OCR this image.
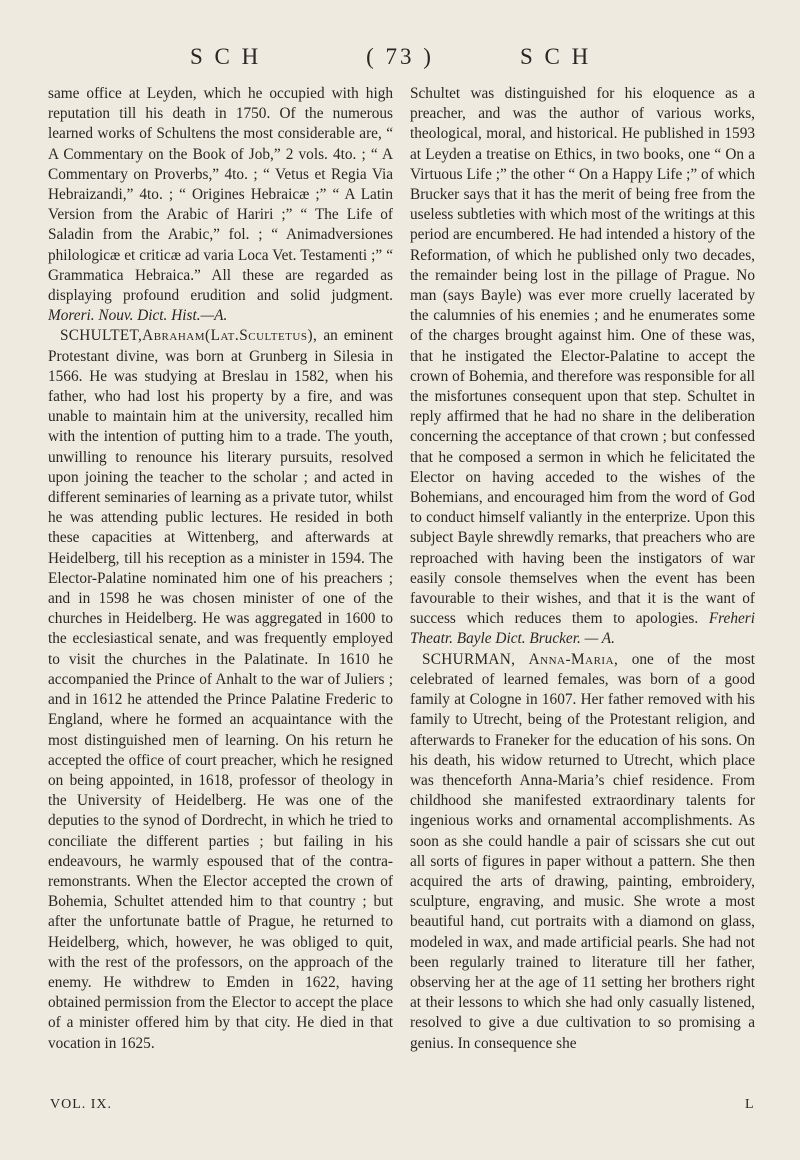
S C H	( 73 )	S C H

same office at Leyden, which he occupied with high reputation till his death in 1750. Of the numerous learned works of Schultens the most considerable are, “ A Commentary on the Book of Job,” 2 vols. 4to. ; “ A Commentary on Proverbs,” 4to. ; “ Vetus et Regia Via Hebraizandi,” 4to. ; “ Origines Hebraicæ ;” “ A Latin Version from the Arabic of Hariri ;” “ The Life of Saladin from the Arabic,” fol. ; “ Animadversiones philologicæ et criticæ ad varia Loca Vet. Testamenti ;” “ Grammatica Hebraica.” All these are regarded as displaying profound erudition and solid judgment. Moreri. Nouv. Dict. Hist.—A.

SCHULTET,Abraham(Lat.Scultetus), an eminent Protestant divine, was born at Grunberg in Silesia in 1566. He was studying at Breslau in 1582, when his father, who had lost his property by a fire, and was unable to maintain him at the university, recalled him with the intention of putting him to a trade. The youth, unwilling to renounce his literary pursuits, resolved upon joining the teacher to the scholar ; and acted in different seminaries of learning as a private tutor, whilst he was attending public lectures. He resided in both these capacities at Wittenberg, and afterwards at Heidelberg, till his reception as a minister in 1594. The Elector-Palatine nominated him one of his preachers ; and in 1598 he was chosen minister of one of the churches in Heidelberg. He was aggregated in 1600 to the ecclesiastical senate, and was frequently employed to visit the churches in the Palatinate. In 1610 he accompanied the Prince of Anhalt to the war of Juliers ; and in 1612 he attended the Prince Palatine Frederic to England, where he formed an acquaintance with the most distinguished men of learning. On his return he accepted the office of court preacher, which he resigned on being appointed, in 1618, professor of theology in the University of Heidelberg. He was one of the deputies to the synod of Dordrecht, in which he tried to conciliate the different parties ; but failing in his endeavours, he warmly espoused that of the contra-remonstrants. When the Elector accepted the crown of Bohemia, Schultet attended him to that country ; but after the unfortunate battle of Prague, he returned to Heidelberg, which, however, he was obliged to quit, with the rest of the professors, on the approach of the enemy. He withdrew to Emden in 1622, having obtained permission from the Elector to accept the place of a minister offered him by that city. He died in that vocation in 1625.

Schultet was distinguished for his eloquence as a preacher, and was the author of various works, theological, moral, and historical. He published in 1593 at Leyden a treatise on Ethics, in two books, one “ On a Virtuous Life ;” the other “ On a Happy Life ;” of which Brucker says that it has the merit of being free from the useless subtleties with which most of the writings at this period are encumbered. He had intended a history of the Reformation, of which he published only two decades, the remainder being lost in the pillage of Prague. No man (says Bayle) was ever more cruelly lacerated by the calumnies of his enemies ; and he enumerates some of the charges brought against him. One of these was, that he instigated the Elector-Palatine to accept the crown of Bohemia, and therefore was responsible for all the misfortunes consequent upon that step. Schultet in reply affirmed that he had no share in the deliberation concerning the acceptance of that crown ; but confessed that he composed a sermon in which he felicitated the Elector on having acceded to the wishes of the Bohemians, and encouraged him from the word of God to conduct himself valiantly in the enterprize. Upon this subject Bayle shrewdly remarks, that preachers who are reproached with having been the instigators of war easily console themselves when the event has been favourable to their wishes, and that it is the want of success which reduces them to apologies. Freheri Theatr. Bayle Dict. Brucker. — A.

SCHURMAN, Anna-Maria, one of the most celebrated of learned females, was born of a good family at Cologne in 1607. Her father removed with his family to Utrecht, being of the Protestant religion, and afterwards to Franeker for the education of his sons. On his death, his widow returned to Utrecht, which place was thenceforth Anna-Maria’s chief residence. From childhood she manifested extraordinary talents for ingenious works and ornamental accomplishments. As soon as she could handle a pair of scissars she cut out all sorts of figures in paper without a pattern. She then acquired the arts of drawing, painting, embroidery, sculpture, engraving, and music. She wrote a most beautiful hand, cut portraits with a diamond on glass, modeled in wax, and made artificial pearls. She had not been regularly trained to literature till her father, observing her at the age of 11 setting her brothers right at their lessons to which she had only casually listened, resolved to give a due cultivation to so promising a genius. In consequence she

VOL. IX.	L
